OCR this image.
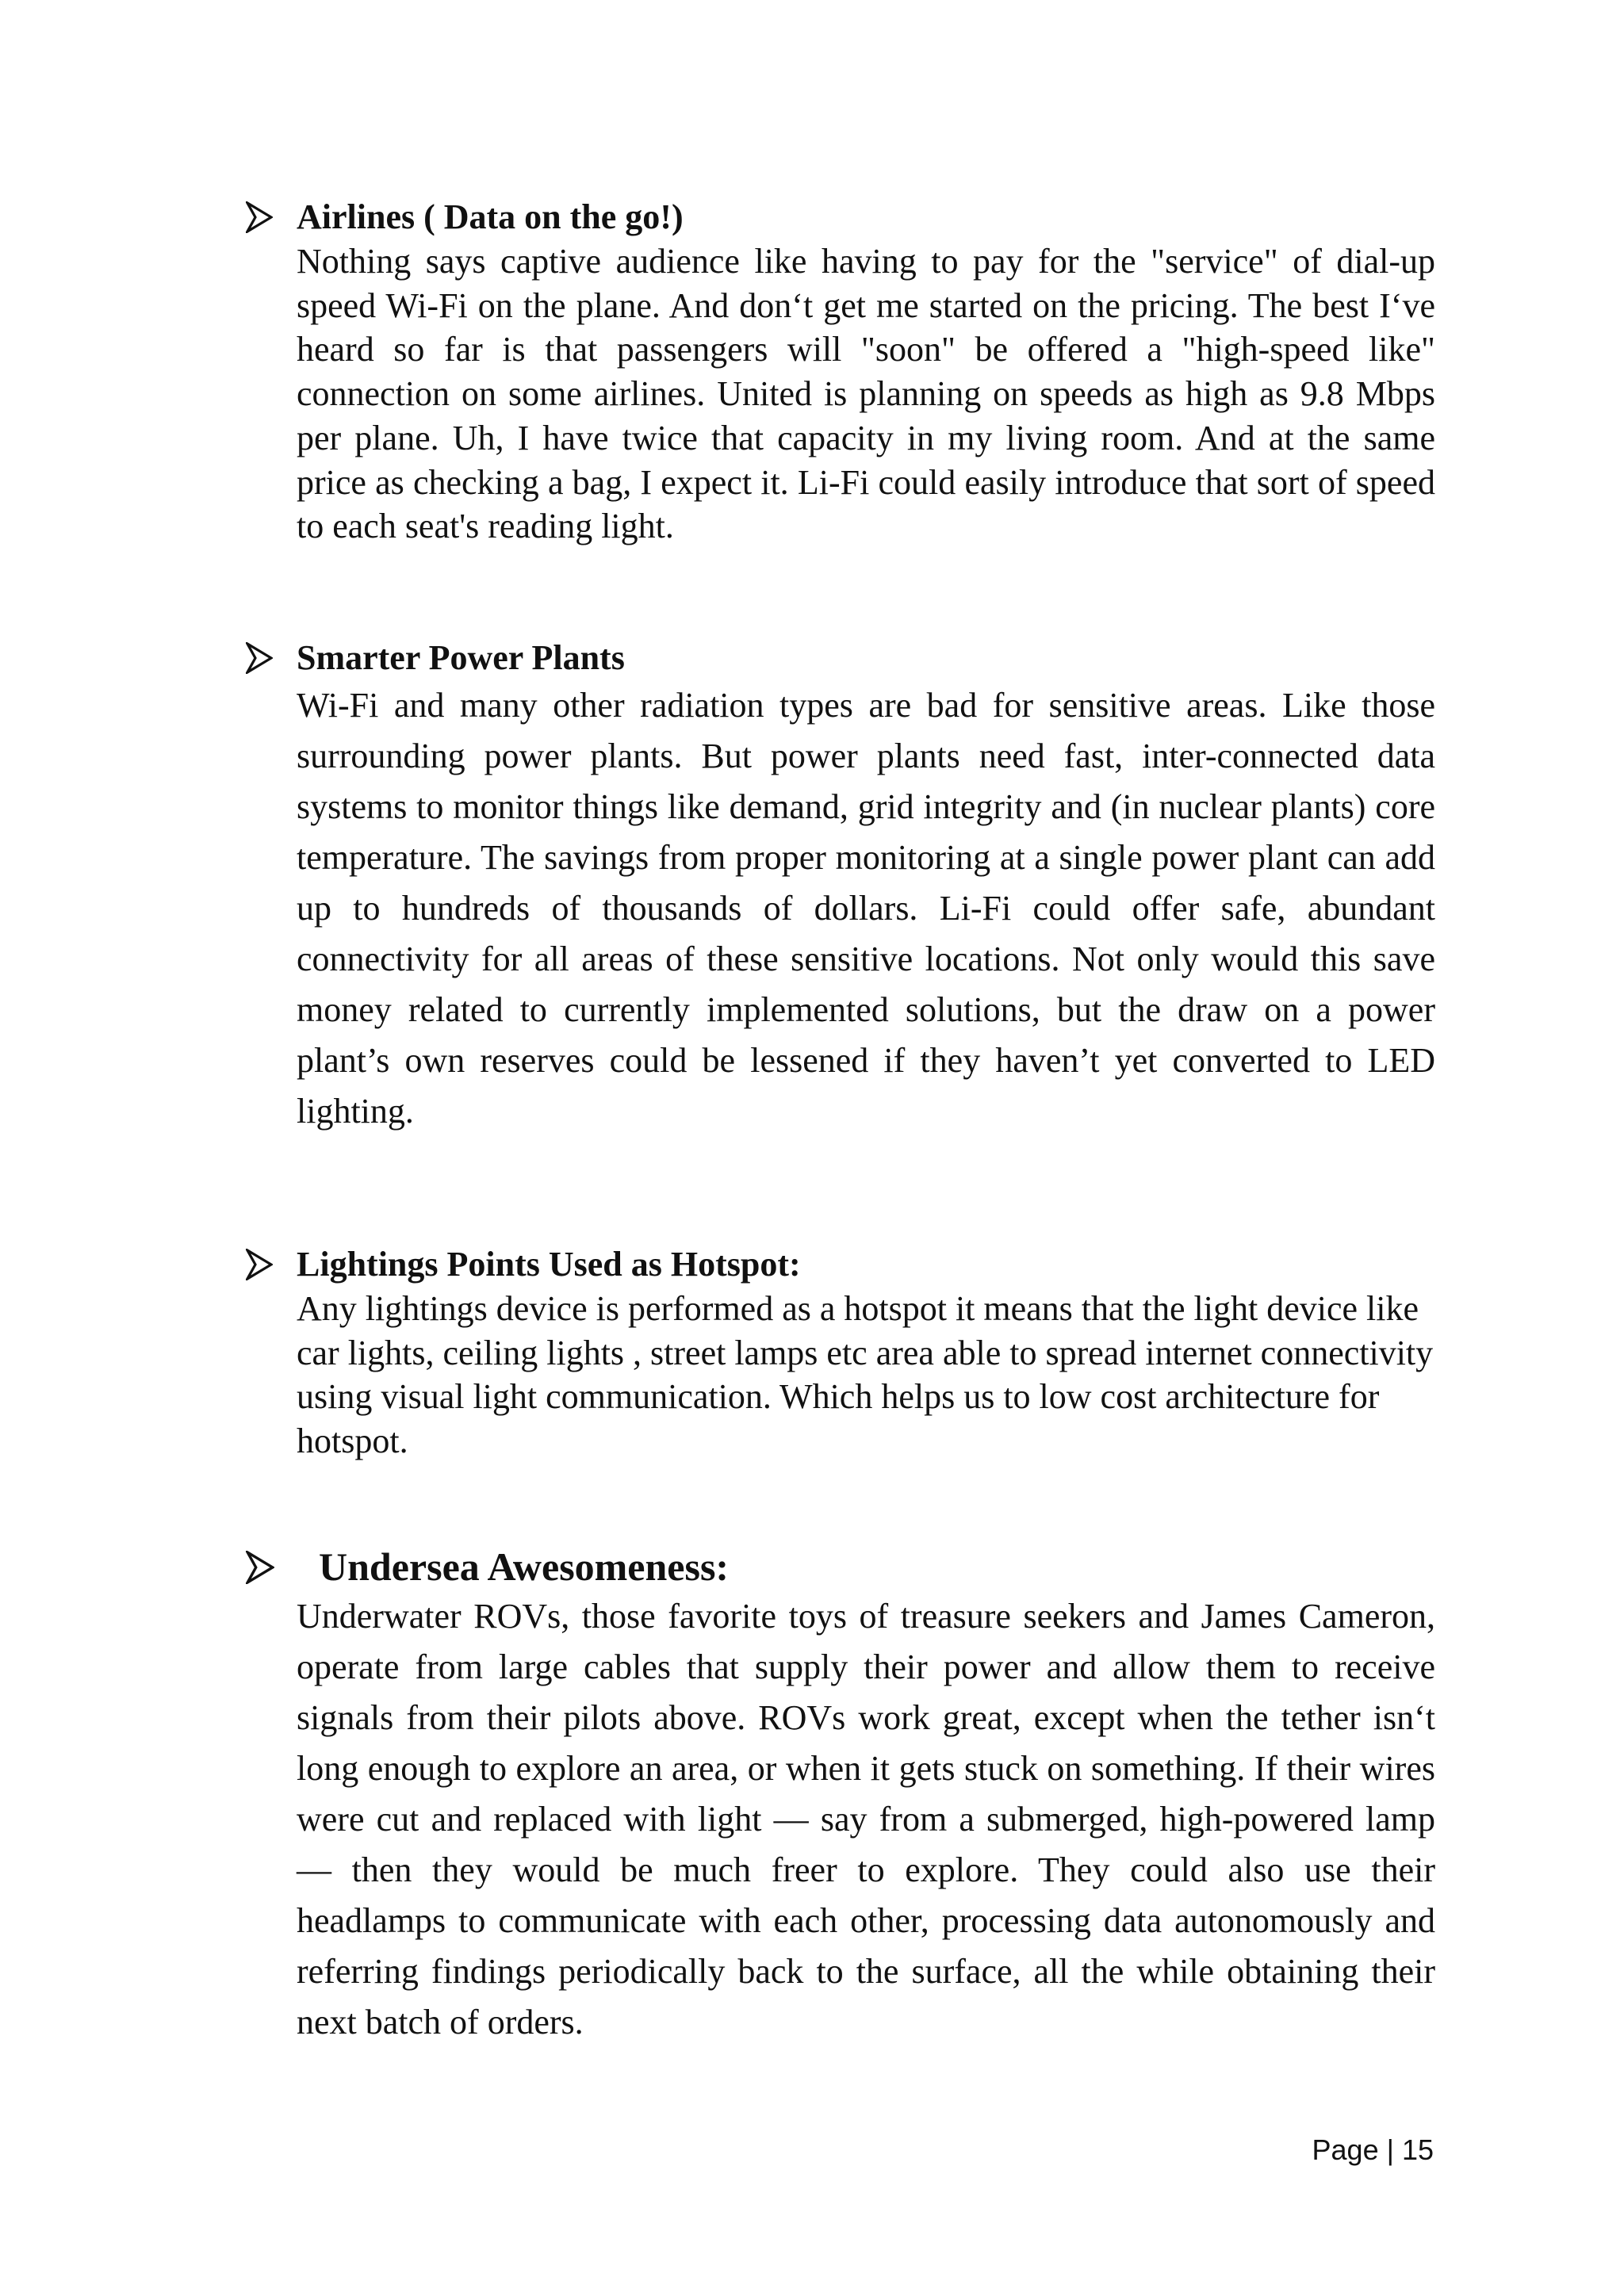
Airlines ( Data on the go!)

Nothing says captive audience like having to pay for the "service" of dial-up speed Wi-Fi on the plane. And don‘t get me started on the pricing. The best I‘ve heard so far is that passengers will "soon" be offered a "high-speed like" connection on some airlines. United is planning on speeds as high as 9.8 Mbps per plane. Uh, I have twice that capacity in my living room. And at the same price as checking a bag, I expect it. Li-Fi could easily introduce that sort of speed to each seat's reading light.

Smarter Power Plants

Wi-Fi and many other radiation types are bad for sensitive areas. Like those surrounding power plants. But power plants need fast, inter-connected data systems to monitor things like demand, grid integrity and (in nuclear plants) core temperature. The savings from proper monitoring at a single power plant can add up to hundreds of thousands of dollars. Li-Fi could offer safe, abundant connectivity for all areas of these sensitive locations. Not only would this save money related to currently implemented solutions, but the draw on a power plant’s own reserves could be lessened if they haven’t yet converted to LED lighting.

Lightings Points Used as Hotspot:

Any lightings device is performed as a hotspot it means that the light device like car lights, ceiling lights , street lamps etc area able to spread internet connectivity using visual light communication. Which helps us to low cost architecture for hotspot.

Undersea Awesomeness:

Underwater ROVs, those favorite toys of treasure seekers and James Cameron, operate from large cables that supply their power and allow them to receive signals from their pilots above. ROVs work great, except when the tether isn‘t long enough to explore an area, or when it gets stuck on something. If their wires were cut and replaced with light — say from a submerged, high-powered lamp — then they would be much freer to explore. They could also use their headlamps to communicate with each other, processing data autonomously and referring findings periodically back to the surface, all the while obtaining their next batch of orders.

Page | 15
